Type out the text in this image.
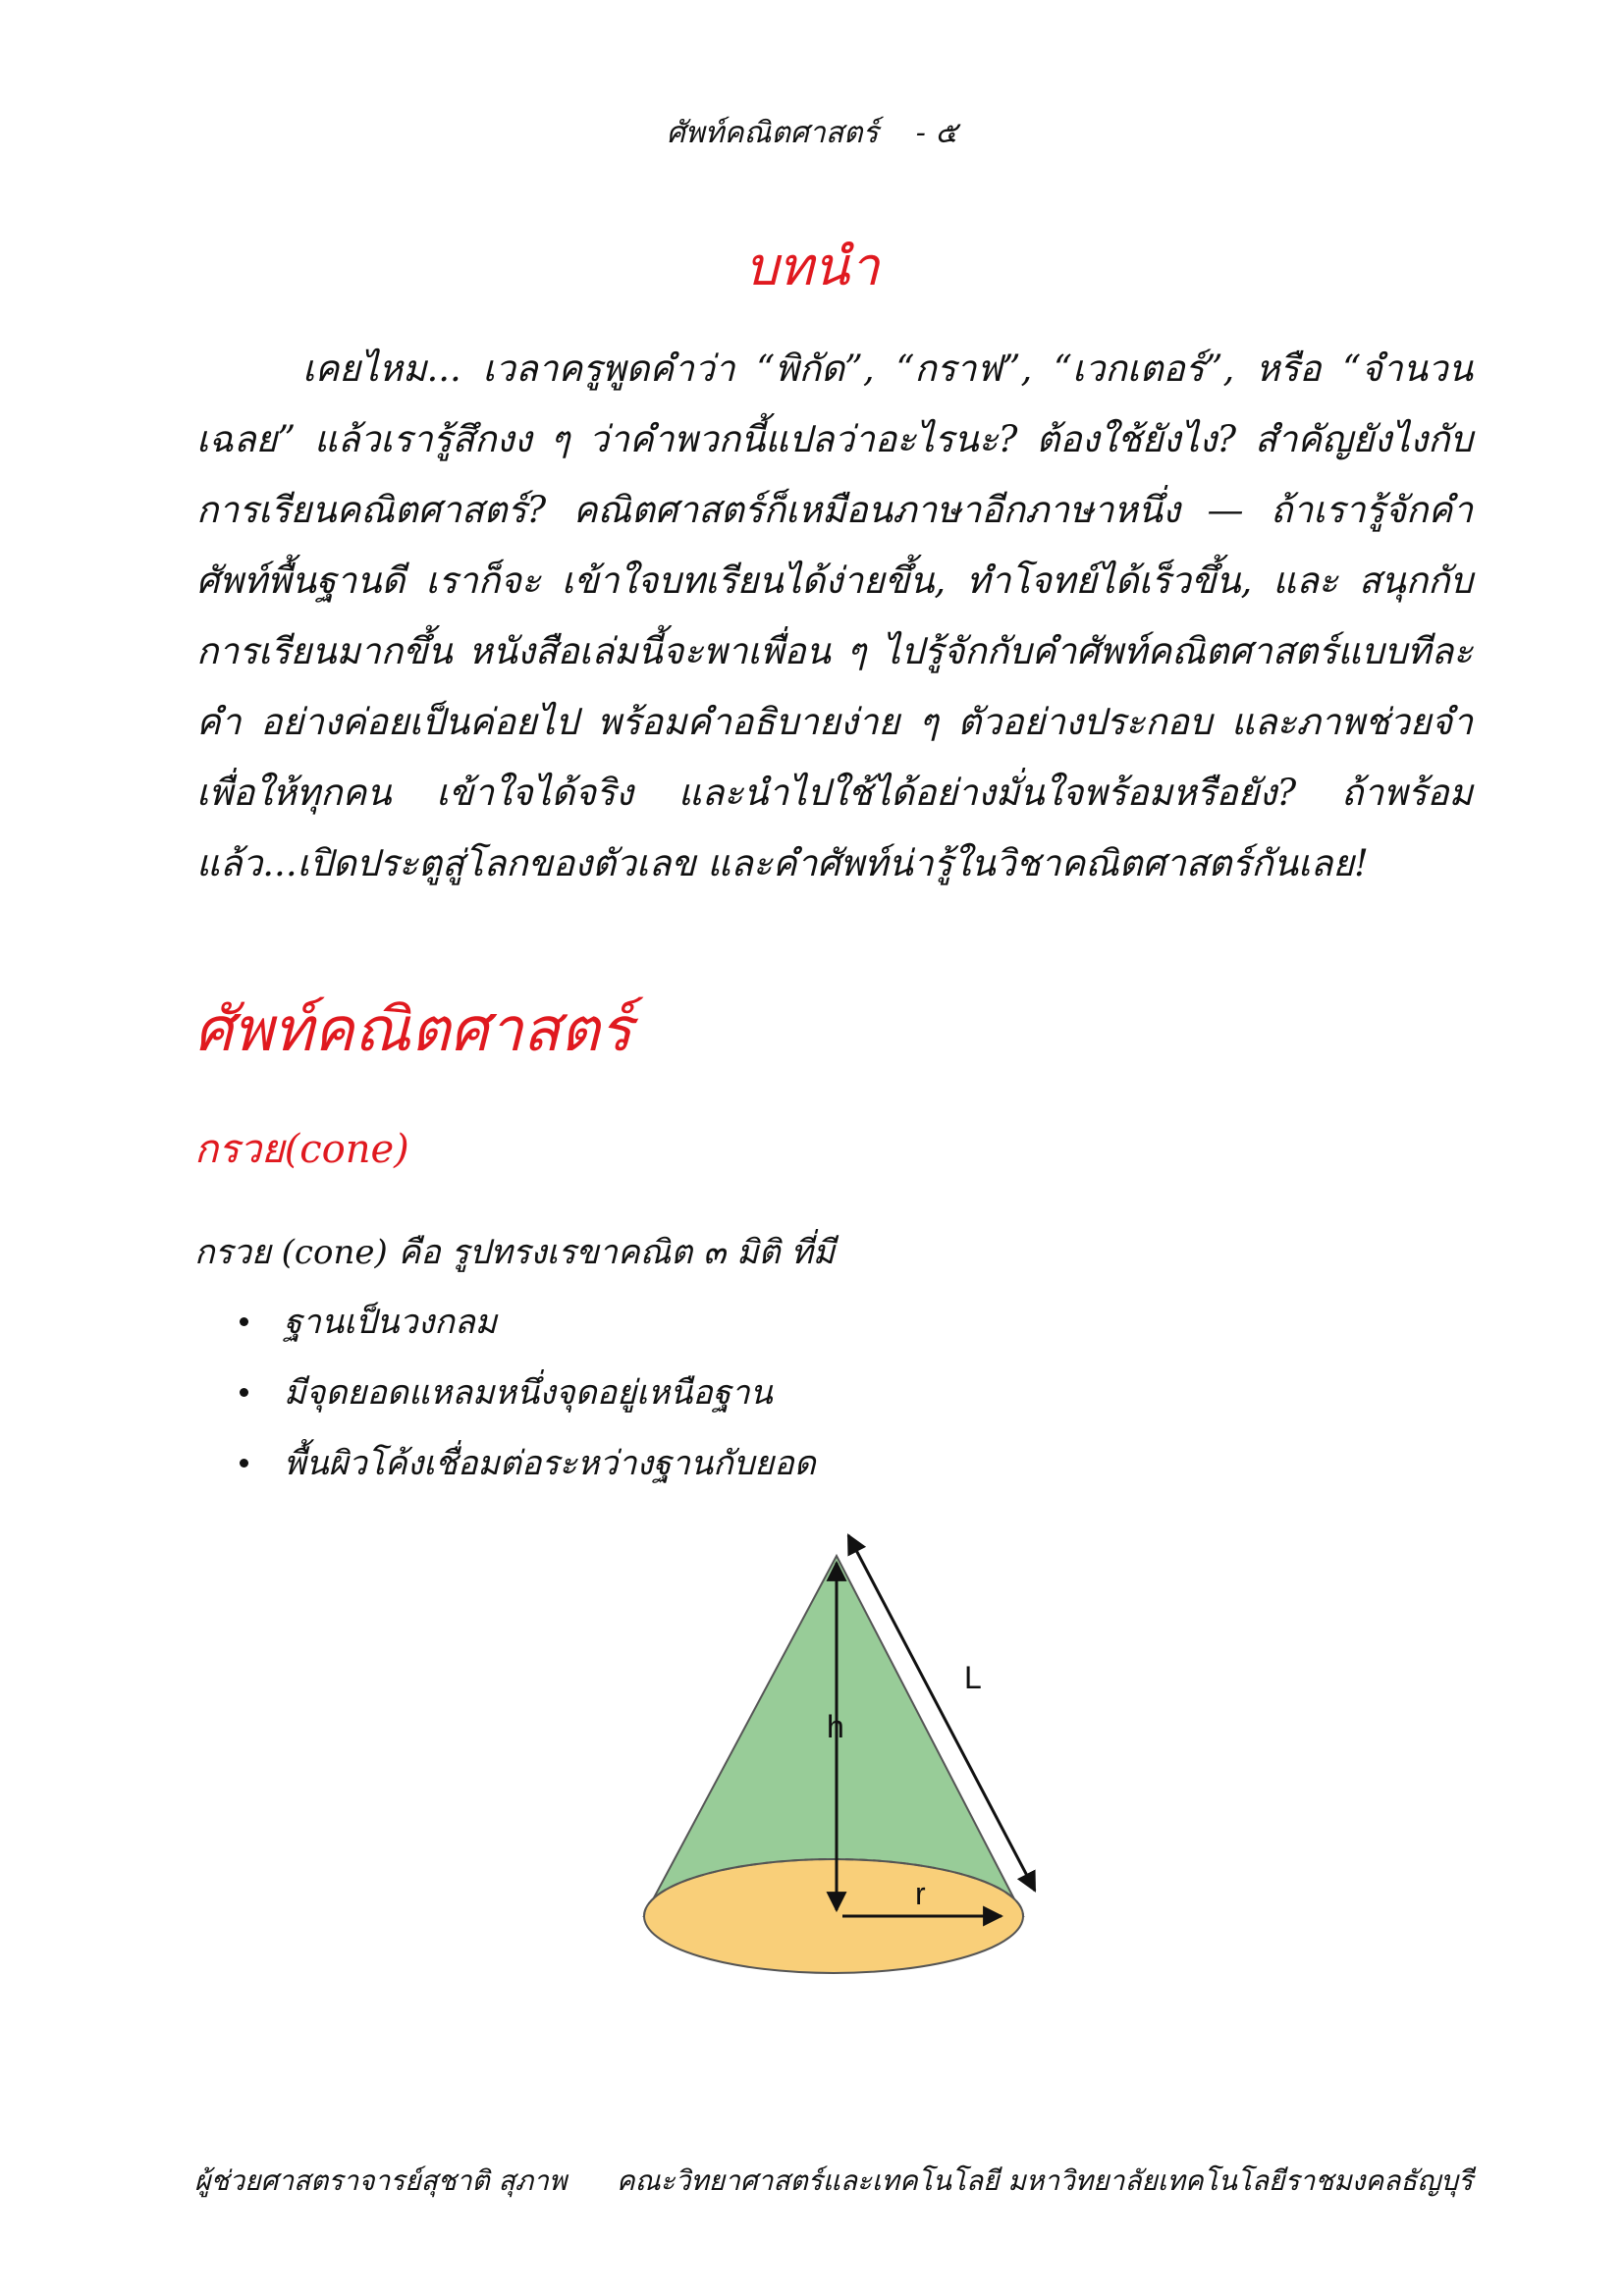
ศัพท์คณิตศาสตร์ - ๕
บทนำ

เคยไหม... เวลาครูพูดคำว่า “พิกัด”, “กราฟ”, “เวกเตอร์”, หรือ “จำนวนเฉลย” แล้วเรารู้สึกงง ๆ ว่าคำพวกนี้แปลว่าอะไรนะ? ต้องใช้ยังไง? สำคัญยังไงกับการเรียนคณิตศาสตร์? คณิตศาสตร์ก็เหมือนภาษาอีกภาษาหนึ่ง — ถ้าเรารู้จักคำศัพท์พื้นฐานดี เราก็จะ เข้าใจบทเรียนได้ง่ายขึ้น, ทำโจทย์ได้เร็วขึ้น, และ สนุกกับการเรียนมากขึ้น หนังสือเล่มนี้จะพาเพื่อน ๆ ไปรู้จักกับคำศัพท์คณิตศาสตร์แบบทีละคำ อย่างค่อยเป็นค่อยไป พร้อมคำอธิบายง่าย ๆ ตัวอย่างประกอบ และภาพช่วยจำ เพื่อให้ทุกคน เข้าใจได้จริง และนำไปใช้ได้อย่างมั่นใจพร้อมหรือยัง? ถ้าพร้อมแล้ว...เปิดประตูสู่โลกของตัวเลข และคำศัพท์น่ารู้ในวิชาคณิตศาสตร์กันเลย!

ศัพท์คณิตศาสตร์
กรวย(cone)
กรวย (cone) คือ รูปทรงเรขาคณิต ๓ มิติ ที่มี
ฐานเป็นวงกลม
มีจุดยอดแหลมหนึ่งจุดอยู่เหนือฐาน
พื้นผิวโค้งเชื่อมต่อระหว่างฐานกับยอด
h
L
r
ผู้ช่วยศาสตราจารย์สุชาติ สุภาพ คณะวิทยาศาสตร์และเทคโนโลยี มหาวิทยาลัยเทคโนโลยีราชมงคลธัญบุรี
